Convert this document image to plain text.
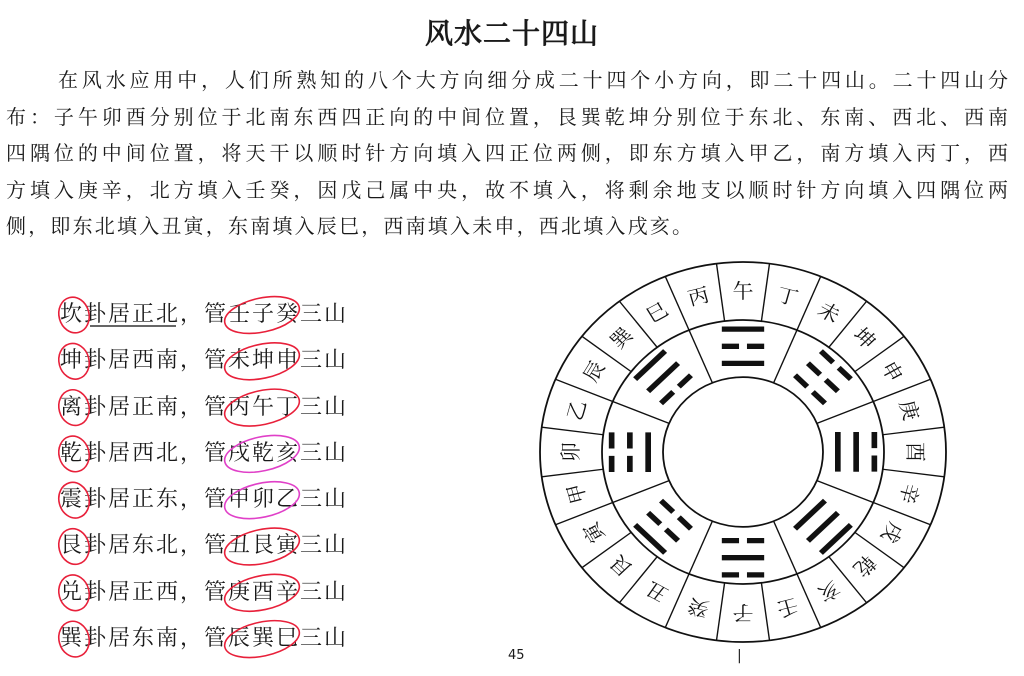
风水二十四山
在风水应用中，人们所熟知的八个大方向细分成二十四个小方向，即二十四山。二十四山分
布：子午卯酉分别位于北南东西四正向的中间位置，艮巽乾坤分别位于东北、东南、西北、西南
四隅位的中间位置，将天干以顺时针方向填入四正位两侧，即东方填入甲乙，南方填入丙丁，西
方填入庚辛，北方填入壬癸，因戊己属中央，故不填入，将剩余地支以顺时针方向填入四隅位两
侧，即东北填入丑寅，东南填入辰巳，西南填入未申，西北填入戌亥。
坎卦居正北，管壬子癸三山
坤卦居西南，管未坤申三山
离卦居正南，管丙午丁三山
乾卦居西北，管戌乾亥三山
震卦居正东，管甲卯乙三山
艮卦居东北，管丑艮寅三山
兑卦居正西，管庚酉辛三山
巽卦居东南，管辰巽巳三山
午 丁
未
坤
申
庚
酉
辛
戌
乾
亥
壬
子
癸
丑
艮
寅
甲
卯
乙
辰
巽
巳
丙
☲ ☷
☱
☰
☵
☶
☳
☴
45	|
